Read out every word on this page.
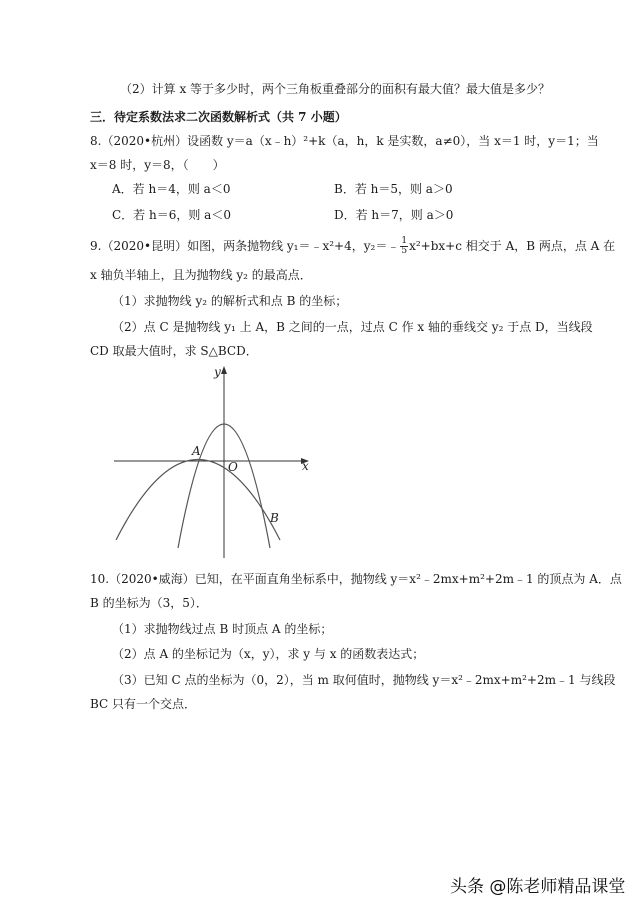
（2）计算 x 等于多少时，两个三角板重叠部分的面积有最大值？最大值是多少？
三．待定系数法求二次函数解析式（共 7 小题）
8.（2020•杭州）设函数 y＝a（x﹣h）²+k（a，h，k 是实数，a≠0），当 x＝1 时，y＝1；当
x＝8 时，y＝8，（　　）
A．若 h＝4，则 a＜0	B．若 h＝5，则 a＞0
C．若 h＝6，则 a＜0	D．若 h＝7，则 a＞0
9.（2020•昆明）如图，两条抛物线 y₁＝﹣x²+4，y₂＝﹣ $\frac{1}{5} x^2+bx+c$ 相交于 A，B 两点，点 A 在
x 轴负半轴上，且为抛物线 y₂ 的最高点．
（1）求抛物线 y₂ 的解析式和点 B 的坐标；
（2）点 C 是抛物线 y₁ 上 A，B 之间的一点，过点 C 作 x 轴的垂线交 y₂ 于点 D，当线段
CD 取最大值时，求 S△BCD．
y
x
O
A
B
10.（2020•威海）已知，在平面直角坐标系中，抛物线 y＝x²﹣2mx+m²+2m﹣1 的顶点为 A．点
B 的坐标为（3，5）．
（1）求抛物线过点 B 时顶点 A 的坐标；
（2）点 A 的坐标记为（x，y），求 y 与 x 的函数表达式；
（3）已知 C 点的坐标为（0，2），当 m 取何值时，抛物线 y＝x²﹣2mx+m²+2m﹣1 与线段
BC 只有一个交点．
头条 @陈老师精品课堂
